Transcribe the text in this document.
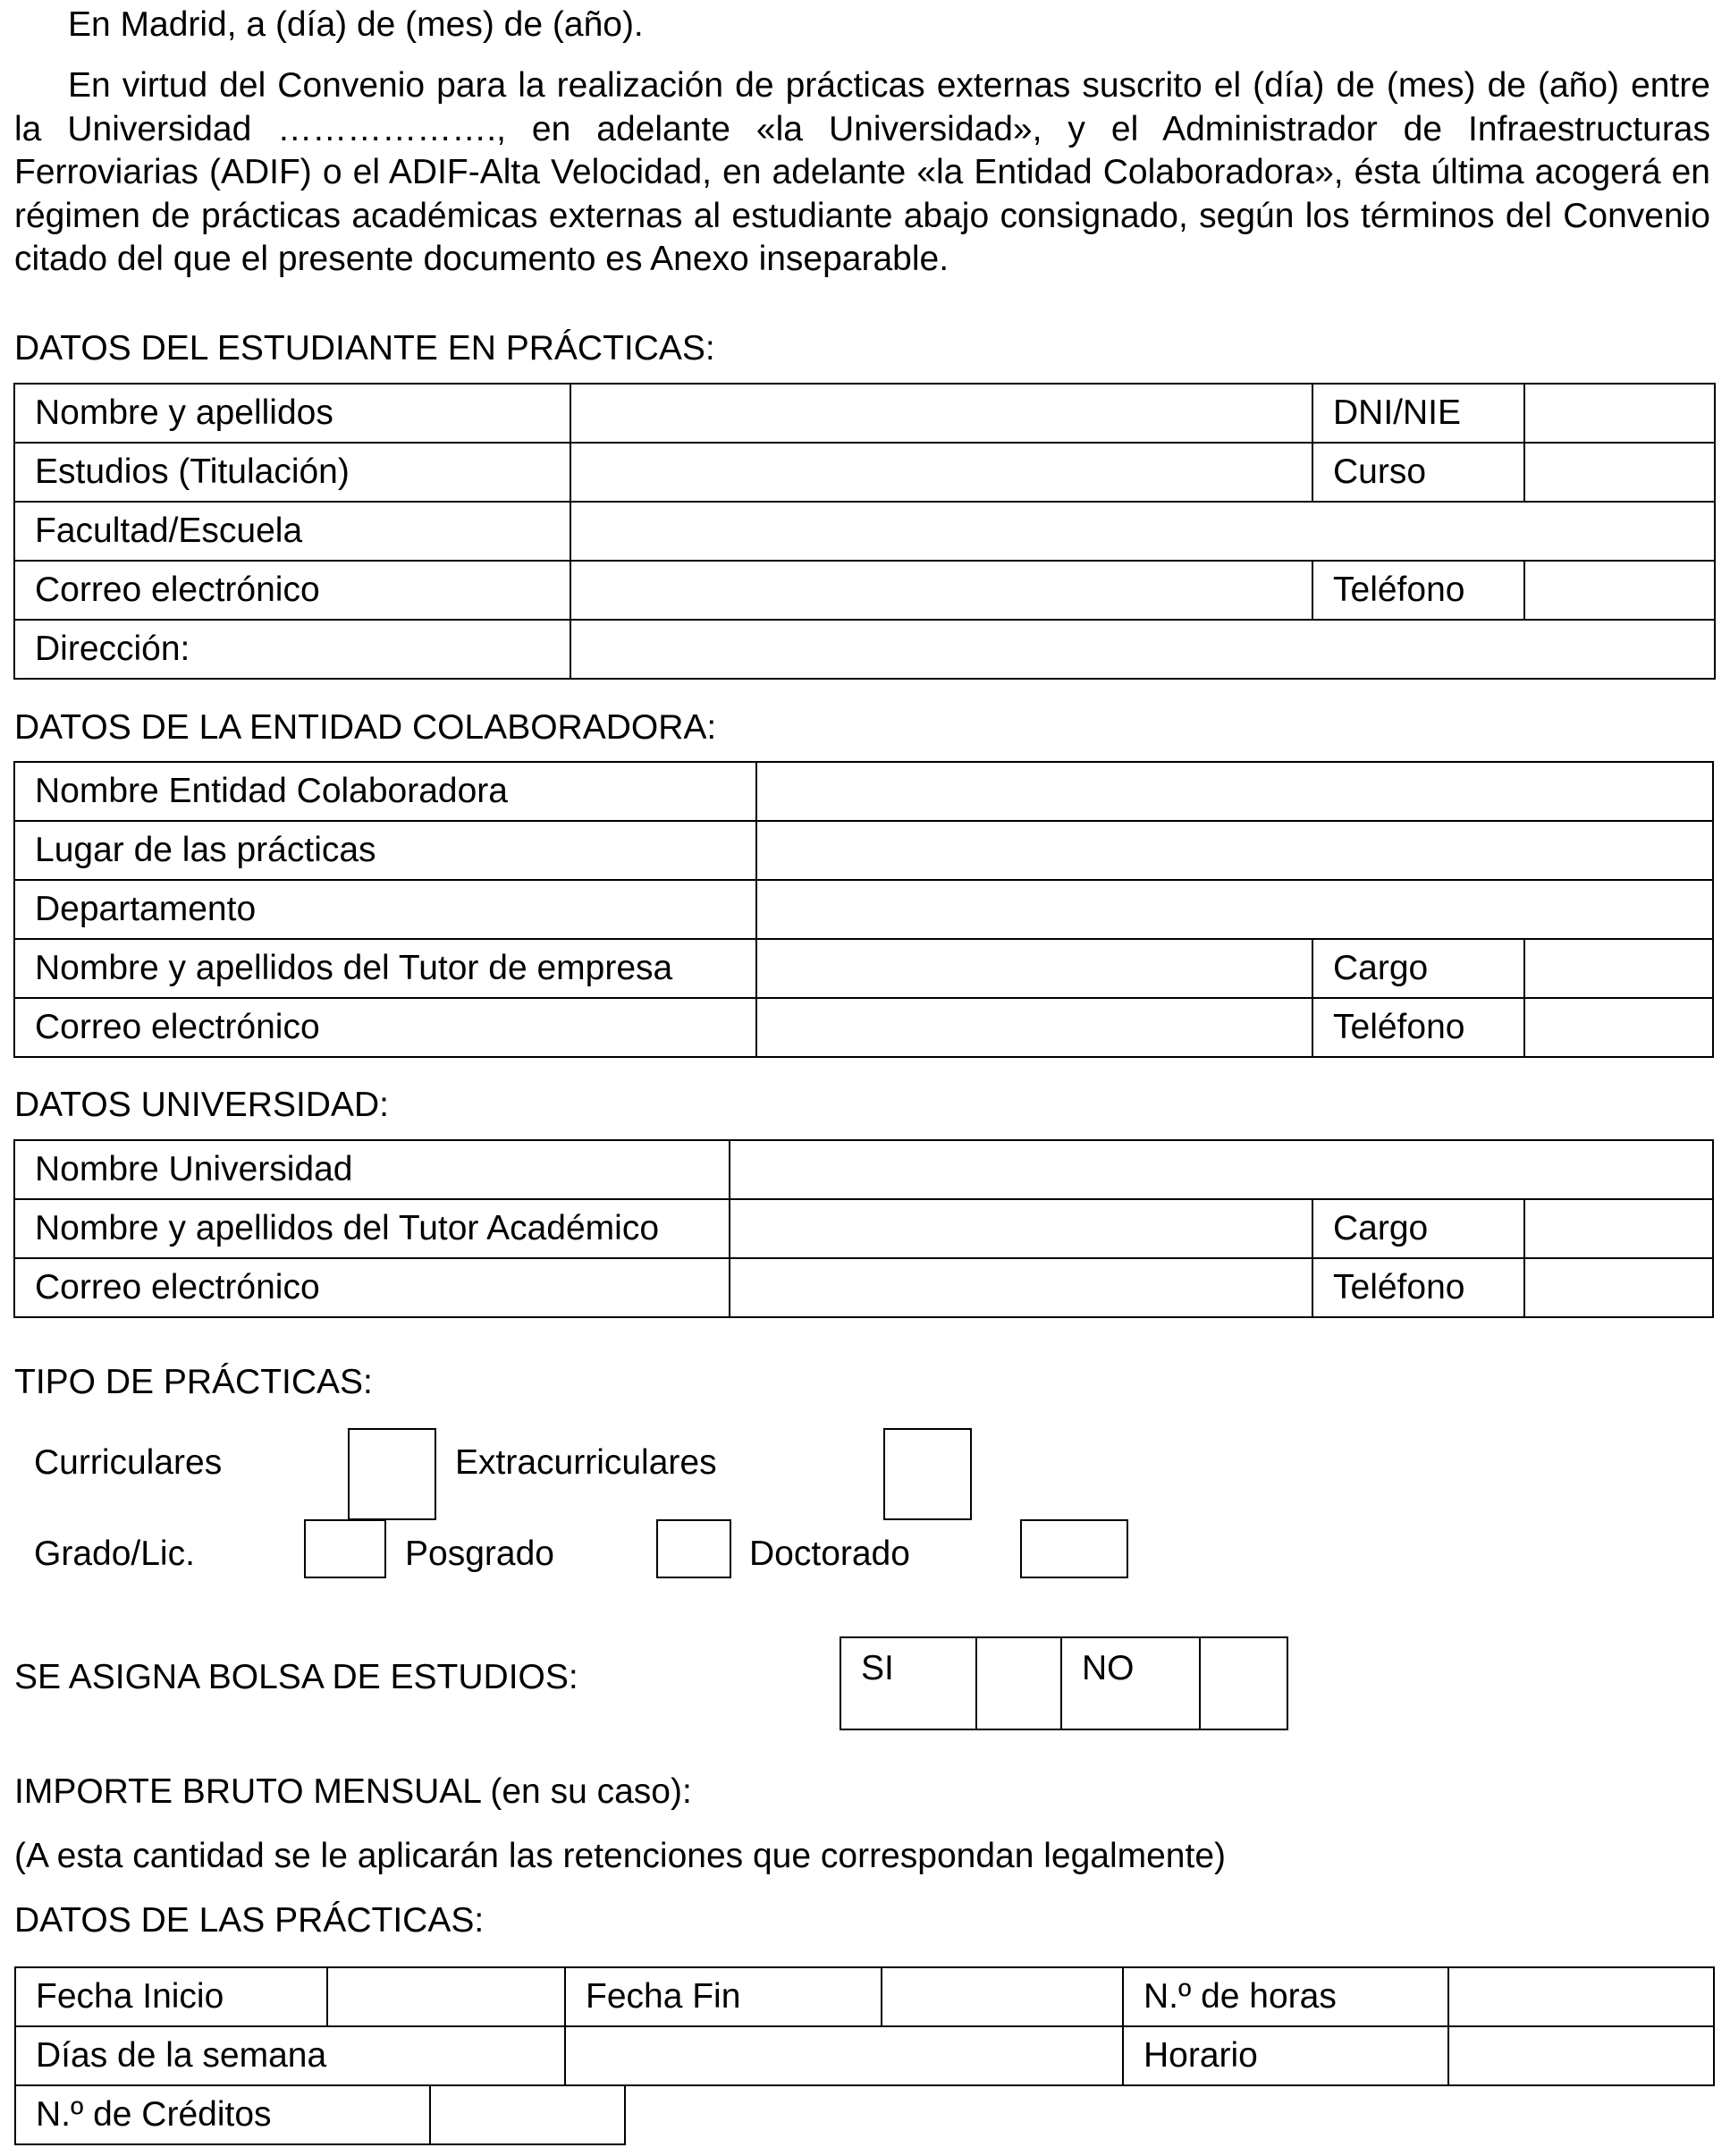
En Madrid, a (día) de (mes) de (año).
En virtud del Convenio para la realización de prácticas externas suscrito el (día) de (mes) de (año) entre la Universidad ………………., en adelante «la Universidad», y el Administrador de Infraestructuras Ferroviarias (ADIF) o el ADIF-Alta Velocidad, en adelante «la Entidad Colaboradora», ésta última acogerá en régimen de prácticas académicas externas al estudiante abajo consignado, según los términos del Convenio citado del que el presente documento es Anexo inseparable.
DATOS DEL ESTUDIANTE EN PRÁCTICAS:
Nombre y apellidos		DNI/NIE	
Estudios (Titulación)		Curso	
Facultad/Escuela			
Correo electrónico		Teléfono	
Dirección:			
DATOS DE LA ENTIDAD COLABORADORA:
Nombre Entidad Colaboradora			
Lugar de las prácticas			
Departamento			
Nombre y apellidos del Tutor de empresa		Cargo	
Correo electrónico		Teléfono	
DATOS UNIVERSIDAD:
Nombre Universidad			
Nombre y apellidos del Tutor Académico		Cargo	
Correo electrónico		Teléfono	
TIPO DE PRÁCTICAS:
Curriculares	Extracurriculares
Grado/Lic.	Posgrado	Doctorado
SE ASIGNA BOLSA DE ESTUDIOS:	SI		NO	
IMPORTE BRUTO MENSUAL (en su caso):
(A esta cantidad se le aplicarán las retenciones que correspondan legalmente)
DATOS DE LAS PRÁCTICAS:
Fecha Inicio		Fecha Fin		N.º de horas	
Días de la semana				Horario	
N.º de Créditos	
